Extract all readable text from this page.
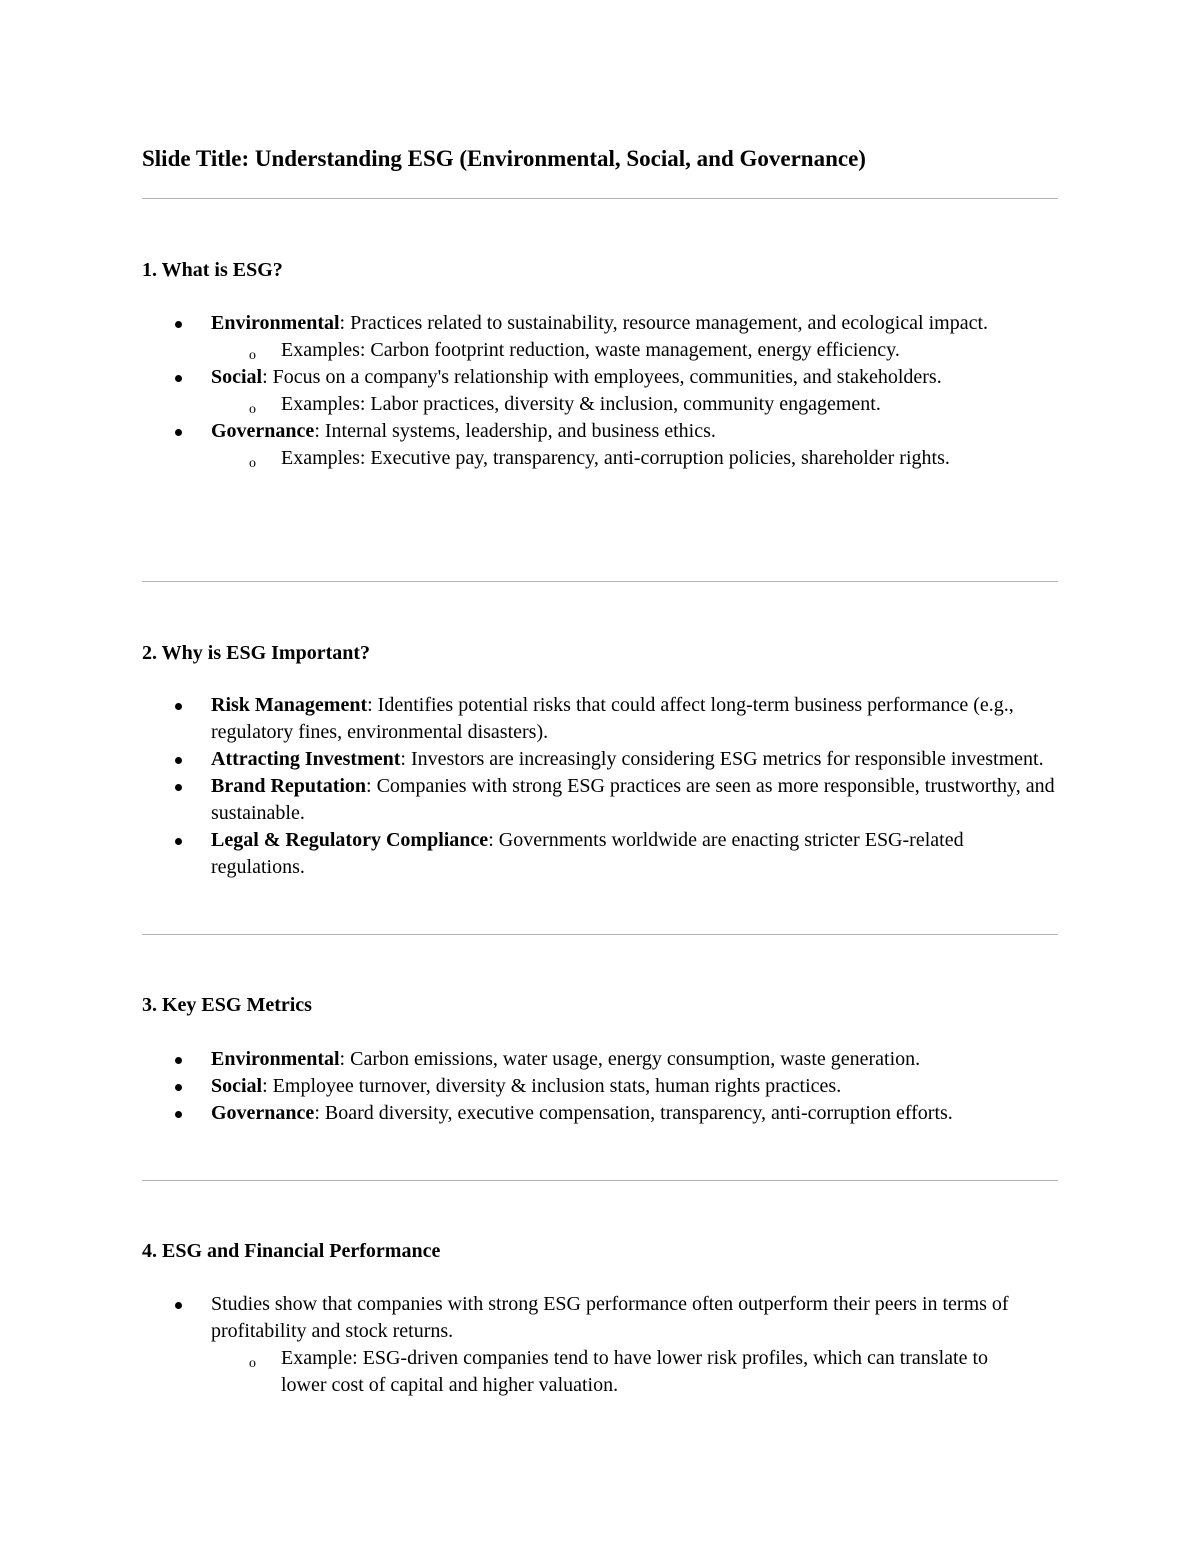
Slide Title: Understanding ESG (Environmental, Social, and Governance)
1. What is ESG?
Environmental: Practices related to sustainability, resource management, and ecological impact.
o Examples: Carbon footprint reduction, waste management, energy efficiency.
Social: Focus on a company's relationship with employees, communities, and stakeholders.
o Examples: Labor practices, diversity & inclusion, community engagement.
Governance: Internal systems, leadership, and business ethics.
o Examples: Executive pay, transparency, anti-corruption policies, shareholder rights.
2. Why is ESG Important?
Risk Management: Identifies potential risks that could affect long-term business performance (e.g., regulatory fines, environmental disasters).
Attracting Investment: Investors are increasingly considering ESG metrics for responsible investment.
Brand Reputation: Companies with strong ESG practices are seen as more responsible, trustworthy, and sustainable.
Legal & Regulatory Compliance: Governments worldwide are enacting stricter ESG-related regulations.
3. Key ESG Metrics
Environmental: Carbon emissions, water usage, energy consumption, waste generation.
Social: Employee turnover, diversity & inclusion stats, human rights practices.
Governance: Board diversity, executive compensation, transparency, anti-corruption efforts.
4. ESG and Financial Performance
Studies show that companies with strong ESG performance often outperform their peers in terms of profitability and stock returns.
o Example: ESG-driven companies tend to have lower risk profiles, which can translate to lower cost of capital and higher valuation.
